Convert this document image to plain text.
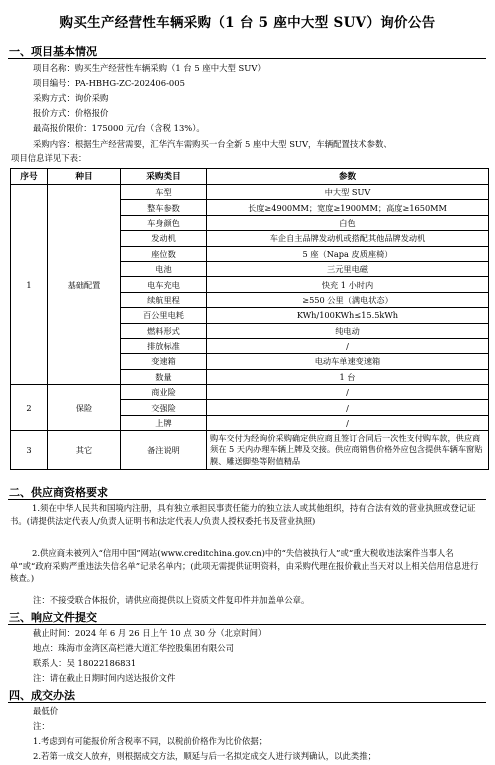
购买生产经营性车辆采购（1 台 5 座中大型 SUV）询价公告
一、项目基本情况
项目名称：购买生产经营性车辆采购（1 台 5 座中大型 SUV）
项目编号：PA-HBHG-ZC-202406-005
采购方式：询价采购
报价方式：价格报价
最高报价限价：175000 元/台（含税 13%）。
采购内容：根据生产经营需要，汇华汽车需购买一台全新 5 座中大型 SUV，车辆配置技术参数、
项目信息详见下表：
序号	种目	采购类目	参数
1	基础配置	车型	中大型 SUV
		整车参数	长度≥4900MM；宽度≥1900MM；高度≥1650MM
		车身颜色	白色
		发动机	车企自主品牌发动机或搭配其他品牌发动机
		座位数	5 座（Napa 皮质座椅）
		电池	三元里电磁
		电车充电	快充 1 小时内
		续航里程	≥550 公里（满电状态）
		百公里电耗	KWh/100KWh≤15.5kWh
		燃料形式	纯电动
		排放标准	/
		变速箱	电动车单速变速箱
		数量	1 台
2	保险	商业险	/
		交强险	/
		上牌	/
3	其它	备注说明	购车交付为经询价采购确定供应商且签订合同后一次性支付购车款，供应商须在 5 天内办理车辆上牌及交接。供应商销售价格外应包含提供车辆车窗贴膜、雕送脚垫等附值精品
二、供应商资格要求
1.须在中华人民共和国境内注册，具有独立承担民事责任能力的独立法人或其他组织，持有合法有效的营业执照或登记证书。(请提供法定代表人/负责人证明书和法定代表人/负责人授权委托书及营业执照)
2.供应商未被列入“信用中国”网站(www.creditchina.gov.cn)中的“失信被执行人”或“重大税收违法案件当事人名单”或“政府采购严重违法失信名单”记录名单内；(此项无需提供证明资料，由采购代理在报价截止当天对以上相关信用信息进行核查。)
注：不接受联合体报价，请供应商提供以上资质文件复印件并加盖单公章。
三、响应文件提交
截止时间：2024 年 6 月 26 日上午 10 点 30 分（北京时间）
地点：珠海市金湾区高栏港大道汇华控股集团有限公司
联系人：吴 18022186831
注：请在截止日期时间内送达报价文件
四、成交办法
最低价
注：
1.考虑到有可能报价所含税率不同，以税前价格作为比价依据；
2.若第一成交人放弃，则根据成交方法，顺延与后一名拟定成交人进行谈判确认，以此类推；
